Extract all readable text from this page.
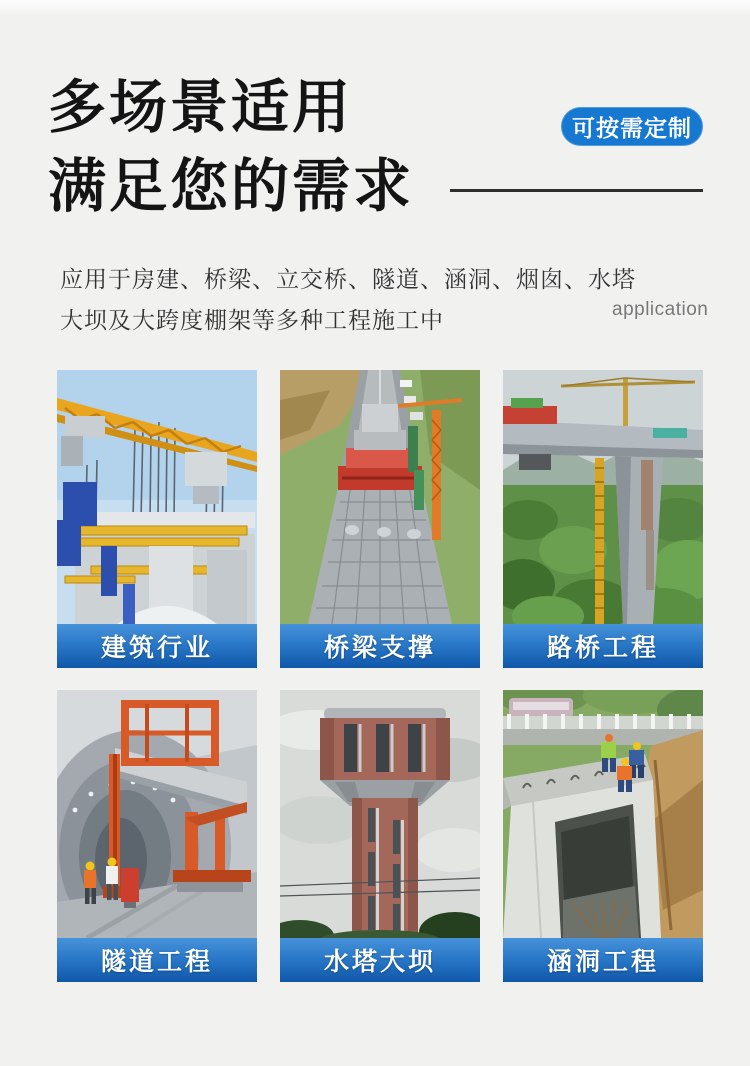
多场景适用
满足您的需求
可按需定制
应用于房建、桥梁、立交桥、隧道、涵洞、烟囱、水塔
大坝及大跨度棚架等多种工程施工中	application
建筑行业	桥梁支撑	路桥工程
隧道工程	水塔大坝	涵洞工程
